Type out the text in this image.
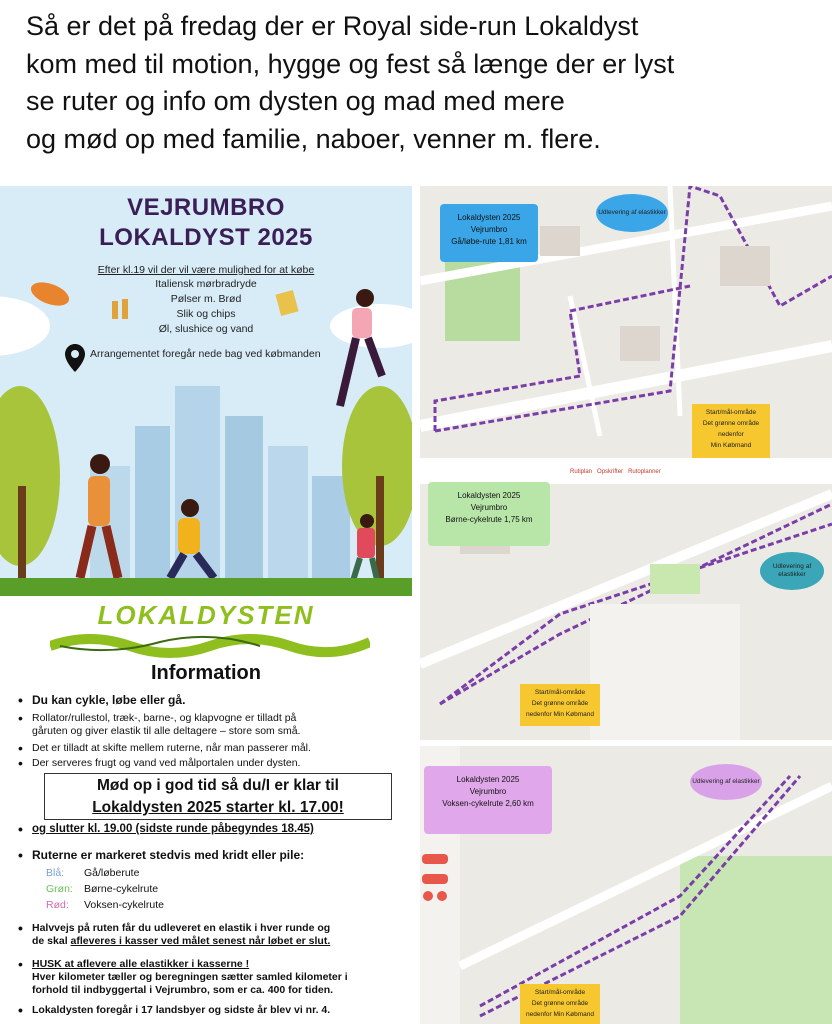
Så er det på fredag der er Royal side-run Lokaldyst
kom med til motion, hygge og fest så længe der er lyst
se ruter og info om dysten og mad med mere
og mød op med familie, naboer, venner m. flere.
VEJRUMBRO
LOKALDYST 2025
Efter kl.19 vil der vil være mulighed for at købe
Italiensk mørbradryde
Pølser m. Brød
Slik og chips
Øl, slushice og vand
Arrangementet foregår nede bag ved købmanden
LOKALDYSTEN
Information
• Du kan cykle, løbe eller gå.
• Rollator/rullestol, træk-, barne-, og klapvogne er tilladt på
gåruten og giver elastik til alle deltagere – store som små.
• Det er tilladt at skifte mellem ruterne, når man passerer mål.
• Der serveres frugt og vand ved målportalen under dysten.
Mød op i god tid så du/I er klar til
Lokaldysten 2025 starter kl. 17.00!
• og slutter kl. 19.00 (sidste runde påbegyndes 18.45)
• Ruterne er markeret stedvis med kridt eller pile:
Blå: Gå/løberute
Grøn: Børne-cykelrute
Rød: Voksen-cykelrute
• Halvvejs på ruten får du udleveret en elastik i hver runde og
de skal afleveres i kasser ved målet senest når løbet er slut.
• HUSK at aflevere alle elastikker i kasserne !
Hver kilometer tæller og beregningen sætter samled kilometer i
forhold til indbyggertal i Vejrumbro, som er ca. 400 for tiden.
• Lokaldysten foregår i 17 landsbyer og sidste år blev vi nr. 4.
Lokaldysten 2025
Vejrumbro
Gå/løbe-rute 1,81 km
Udlevering af elastikker
Start/mål-område
Det grønne område
nedenfor
Min Købmand
Rutiplan Opskrifter Rutoplanner
Lokaldysten 2025
Vejrumbro
Børne-cykelrute 1,75 km
Udlevering af elastikker
Start/mål-område
Det grønne område
nedenfor Min Købmand
Lokaldysten 2025
Vejrumbro
Voksen-cykelrute 2,60 km
Udlevering af elastikker
Start/mål-område
Det grønne område
nedenfor Min Købmand
